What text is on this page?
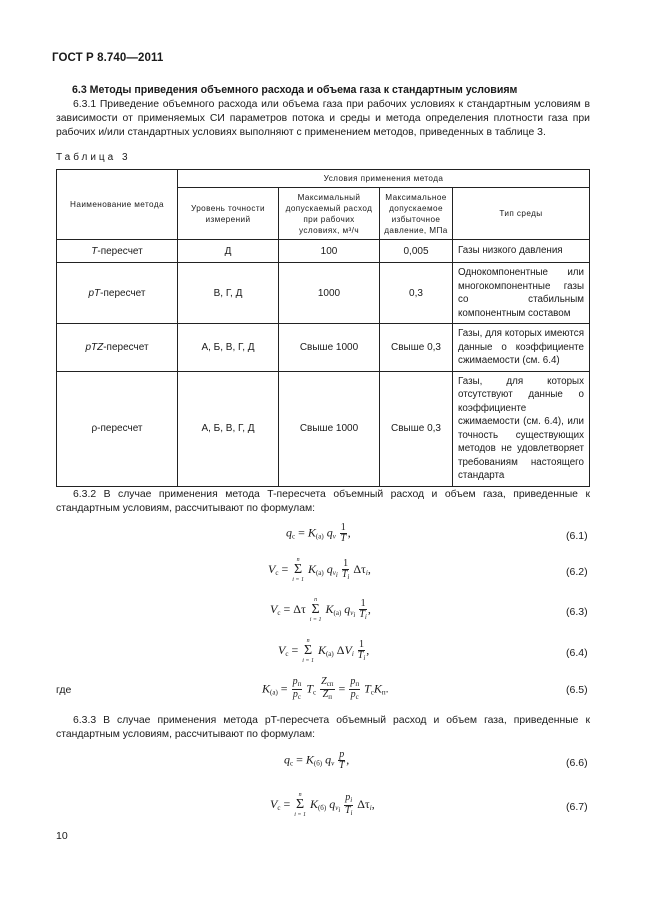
ГОСТ Р 8.740—2011
6.3 Методы приведения объемного расхода и объема газа к стандартным условиям
6.3.1 Приведение объемного расхода или объема газа при рабочих условиях к стандартным условиям в зависимости от применяемых СИ параметров потока и среды и метода определения плотности газа при рабочих и/или стандартных условиях выполняют с применением методов, приведенных в таблице 3.
Таблица 3
Наименование метода	Условия применения метода			
	Уровень точности измерений	Максимальный допускаемый расход при рабочих условиях, м³/ч	Максимальное допускаемое избыточное давление, МПа	Тип среды
T-пересчет	Д	100	0,005	Газы низкого давления
pT-пересчет	В, Г, Д	1000	0,3	Однокомпонентные или многокомпонентные газы со стабильным компонентным составом
pTZ-пересчет	А, Б, В, Г, Д	Свыше 1000	Свыше 0,3	Газы, для которых имеются данные о коэффициенте сжимаемости (см. 6.4)
ρ-пересчет	А, Б, В, Г, Д	Свыше 1000	Свыше 0,3	Газы, для которых отсутствуют данные о коэффициенте сжимаемости (см. 6.4), или точность существующих методов не удовлетворяет требованиям настоящего стандарта
6.3.2 В случае применения метода T-пересчета объемный расход и объем газа, приведенные к стандартным условиям, рассчитывают по формулам:
$q_c = K_{(а)}$ $q_v \frac{1}{T}$ ,	(6.1)
$V_c$ =
n
Σ
i = 1
$K_{(а)}$ $q_{v_i} \frac{1}{T_i} \Delta\tau_i$,	(6.2)
$V_c = \Delta\tau$
n
Σ
i = 1
$K_{(а)}$ $q_{v_i} \frac{1}{T_i}$ ,	(6.3)
$V_c$ =
n
Σ
i = 1
$K_{(а)}$ $\Delta V_i \frac{1}{T_i}$ ,	(6.4)
где	$K_{(а)} = p_п$
$p_c$
$T_c$
$Z_{cп}$
$Z_п$
= $p_п$
$p_c$
$T_cK_п$.	(6.5)
6.3.3 В случае применения метода pT-пересчета объемный расход и объем газа, приведенные к стандартным условиям, рассчитывают по формулам:
$q_c = K_{(б)}$ $q_v \frac{p}{T}$ ,	(6.6)
$V_c$ =
n
Σ
i = 1
$K_{(б)}$ $q_{v_i} \frac{p_i}{T_i} \Delta\tau_i$,	(6.7)
10
